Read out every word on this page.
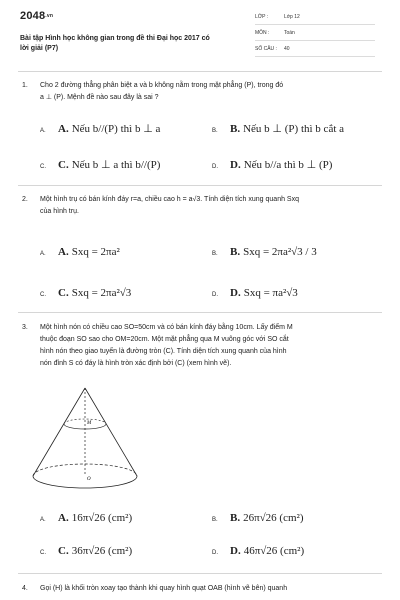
2048.vn
Bài tập Hình học không gian trong đề thi Đại học 2017 có
lời giải (P7)
LỚP :	Lớp 12
MÔN :	Toán
SỐ CÂU : 40
1. Cho 2 đường thẳng phân biệt a và b không nằm trong mặt phẳng (P), trong đó
a ⊥ (P). Mệnh đề nào sau đây là sai ?
A. A. Nếu b//(P) thì b ⊥ a	B. B. Nếu b ⊥ (P) thì b cắt a
C. C. Nếu b ⊥ a thì b//(P)	D. D. Nếu b//a thì b ⊥ (P)
2. Một hình trụ có bán kính đáy r=a, chiều cao h = a√3. Tính diện tích xung quanh Sxq
của hình trụ.
A. A. Sxq = 2πa²	B. B. Sxq = 2πa²√3 / 3
C. C. Sxq = 2πa²√3	D. D. Sxq = πa²√3
3. Một hình nón có chiều cao SO=50cm và có bán kính đáy bằng 10cm. Lấy điểm M
thuộc đoạn SO sao cho OM=20cm. Một mặt phẳng qua M vuông góc với SO cắt
hình nón theo giao tuyến là đường tròn (C). Tính diện tích xung quanh của hình
nón đỉnh S có đáy là hình tròn xác định bởi (C) (xem hình vẽ).
M
O
A. A. 16π√26 (cm²)	B. B. 26π√26 (cm²)
C. C. 36π√26 (cm²)	D. D. 46π√26 (cm²)
4. Gọi (H) là khối tròn xoay tạo thành khi quay hình quạt OAB (hình vẽ bên) quanh
